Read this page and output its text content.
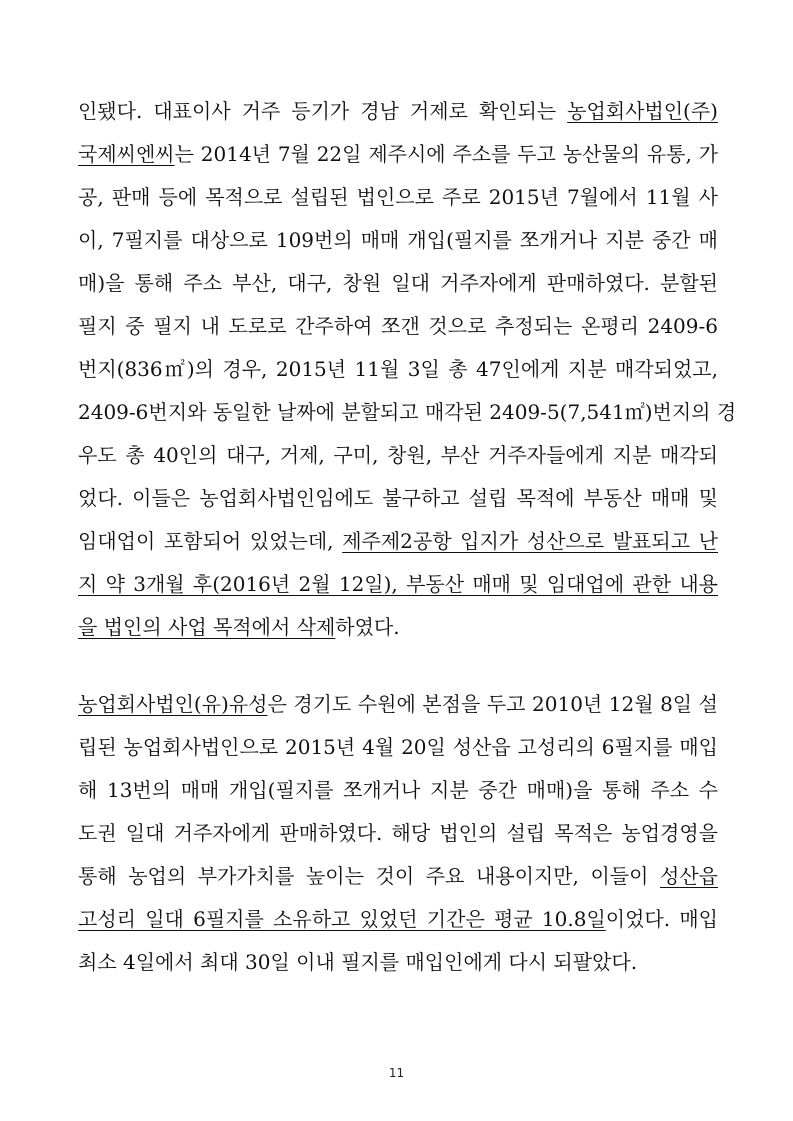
인됐다. 대표이사 거주 등기가 경남 거제로 확인되는 농업회사법인(주)
국제씨엔씨는 2014년 7월 22일 제주시에 주소를 두고 농산물의 유통, 가
공, 판매 등에 목적으로 설립된 법인으로 주로 2015년 7월에서 11월 사
이, 7필지를 대상으로 109번의 매매 개입(필지를 쪼개거나 지분 중간 매
매)을 통해 주소 부산, 대구, 창원 일대 거주자에게 판매하였다. 분할된
필지 중 필지 내 도로로 간주하여 쪼갠 것으로 추정되는 온평리 2409-6
번지(836㎡)의 경우, 2015년 11월 3일 총 47인에게 지분 매각되었고,
2409-6번지와 동일한 날짜에 분할되고 매각된 2409-5(7,541㎡)번지의 경
우도 총 40인의 대구, 거제, 구미, 창원, 부산 거주자들에게 지분 매각되
었다. 이들은 농업회사법인임에도 불구하고 설립 목적에 부동산 매매 및
임대업이 포함되어 있었는데, 제주제2공항 입지가 성산으로 발표되고 난
지 약 3개월 후(2016년 2월 12일), 부동산 매매 및 임대업에 관한 내용
을 법인의 사업 목적에서 삭제하였다.
농업회사법인(유)유성은 경기도 수원에 본점을 두고 2010년 12월 8일 설
립된 농업회사법인으로 2015년 4월 20일 성산읍 고성리의 6필지를 매입
해 13번의 매매 개입(필지를 쪼개거나 지분 중간 매매)을 통해 주소 수
도권 일대 거주자에게 판매하였다. 해당 법인의 설립 목적은 농업경영을
통해 농업의 부가가치를 높이는 것이 주요 내용이지만, 이들이 성산읍
고성리 일대 6필지를 소유하고 있었던 기간은 평균 10.8일이었다. 매입
최소 4일에서 최대 30일 이내 필지를 매입인에게 다시 되팔았다.
11
